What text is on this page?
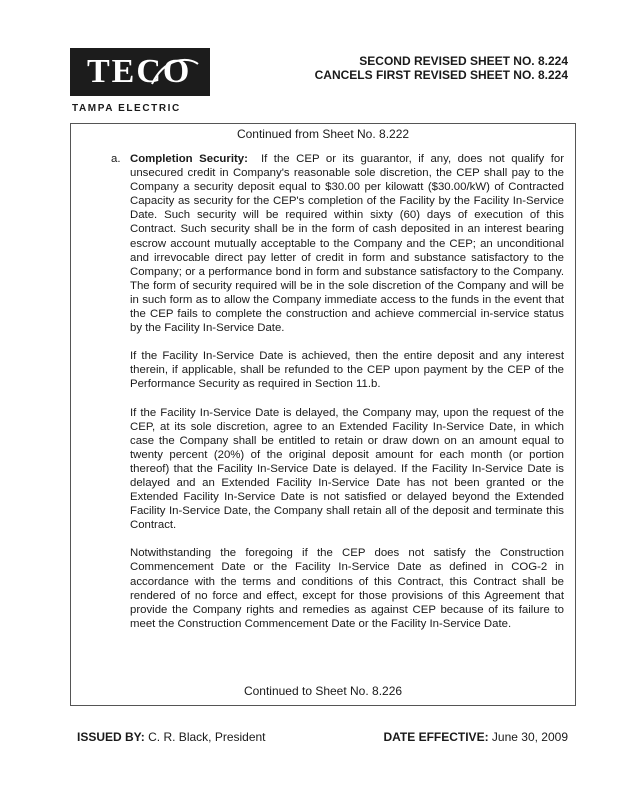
TECO
TAMPA ELECTRIC
SECOND REVISED SHEET NO. 8.224
CANCELS FIRST REVISED SHEET NO. 8.224
Continued from Sheet No. 8.222
a. Completion Security: If the CEP or its guarantor, if any, does not qualify for unsecured credit in Company's reasonable sole discretion, the CEP shall pay to the Company a security deposit equal to $30.00 per kilowatt ($30.00/kW) of Contracted Capacity as security for the CEP's completion of the Facility by the Facility In-Service Date. Such security will be required within sixty (60) days of execution of this Contract. Such security shall be in the form of cash deposited in an interest bearing escrow account mutually acceptable to the Company and the CEP; an unconditional and irrevocable direct pay letter of credit in form and substance satisfactory to the Company; or a performance bond in form and substance satisfactory to the Company. The form of security required will be in the sole discretion of the Company and will be in such form as to allow the Company immediate access to the funds in the event that the CEP fails to complete the construction and achieve commercial in-service status by the Facility In-Service Date.

If the Facility In-Service Date is achieved, then the entire deposit and any interest therein, if applicable, shall be refunded to the CEP upon payment by the CEP of the Performance Security as required in Section 11.b.

If the Facility In-Service Date is delayed, the Company may, upon the request of the CEP, at its sole discretion, agree to an Extended Facility In-Service Date, in which case the Company shall be entitled to retain or draw down on an amount equal to twenty percent (20%) of the original deposit amount for each month (or portion thereof) that the Facility In-Service Date is delayed. If the Facility In-Service Date is delayed and an Extended Facility In-Service Date has not been granted or the Extended Facility In-Service Date is not satisfied or delayed beyond the Extended Facility In-Service Date, the Company shall retain all of the deposit and terminate this Contract.

Notwithstanding the foregoing if the CEP does not satisfy the Construction Commencement Date or the Facility In-Service Date as defined in COG-2 in accordance with the terms and conditions of this Contract, this Contract shall be rendered of no force and effect, except for those provisions of this Agreement that provide the Company rights and remedies as against CEP because of its failure to meet the Construction Commencement Date or the Facility In-Service Date.

Continued to Sheet No. 8.226
ISSUED BY: C. R. Black, President	DATE EFFECTIVE: June 30, 2009
